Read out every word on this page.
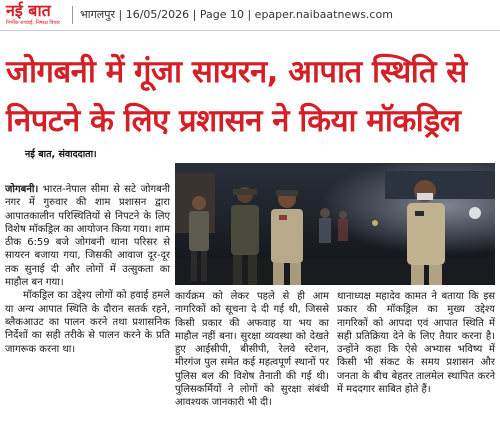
नई बात
निर्भीक सच्चाई, निष्पक्ष विचार
भागलपुर | 16/05/2026 | Page 10 | epaper.naibaatnews.com
जोगबनी में गूंजा सायरन, आपात स्थिति से
निपटने के लिए प्रशासन ने किया मॉकड्रिल
नई बात, संवाददाता।

जोगबनी। भारत-नेपाल सीमा से सटे जोगबनी नगर में गुरुवार की शाम प्रशासन द्वारा आपातकालीन परिस्थितियों से निपटने के लिए विशेष मॉकड्रिल का आयोजन किया गया। शाम ठीक 6:59 बजे जोगबनी थाना परिसर से सायरन बजाया गया, जिसकी आवाज दूर-दूर तक सुनाई दी और लोगों में उत्सुकता का माहौल बन गया।

मॉकड्रिल का उद्देश्य लोगों को हवाई हमले या अन्य आपात स्थिति के दौरान सतर्क रहने, ब्लैकआउट का पालन करने तथा प्रशासनिक निर्देशों का सही तरीके से पालन करने के प्रति जागरूक करना था।

कार्यक्रम को लेकर पहले से ही आम नागरिकों को सूचना दे दी गई थी, जिससे किसी प्रकार की अफवाह या भय का माहौल नहीं बना। सुरक्षा व्यवस्था को देखते हुए आईसीपी, बीसीपी, रेलवे स्टेशन, मीरगंज पुल समेत कई महत्वपूर्ण स्थानों पर पुलिस बल की विशेष तैनाती की गई थी। पुलिसकर्मियों ने लोगों को सुरक्षा संबंधी आवश्यक जानकारी भी दी।

थानाध्यक्ष महादेव कामत ने बताया कि इस प्रकार की मॉकड्रिल का मुख्य उद्देश्य नागरिकों को आपदा एवं आपात स्थिति में सही प्रतिक्रिया देने के लिए तैयार करना है। उन्होंने कहा कि ऐसे अभ्यास भविष्य में किसी भी संकट के समय प्रशासन और जनता के बीच बेहतर तालमेल स्थापित करने में मददगार साबित होते हैं।
